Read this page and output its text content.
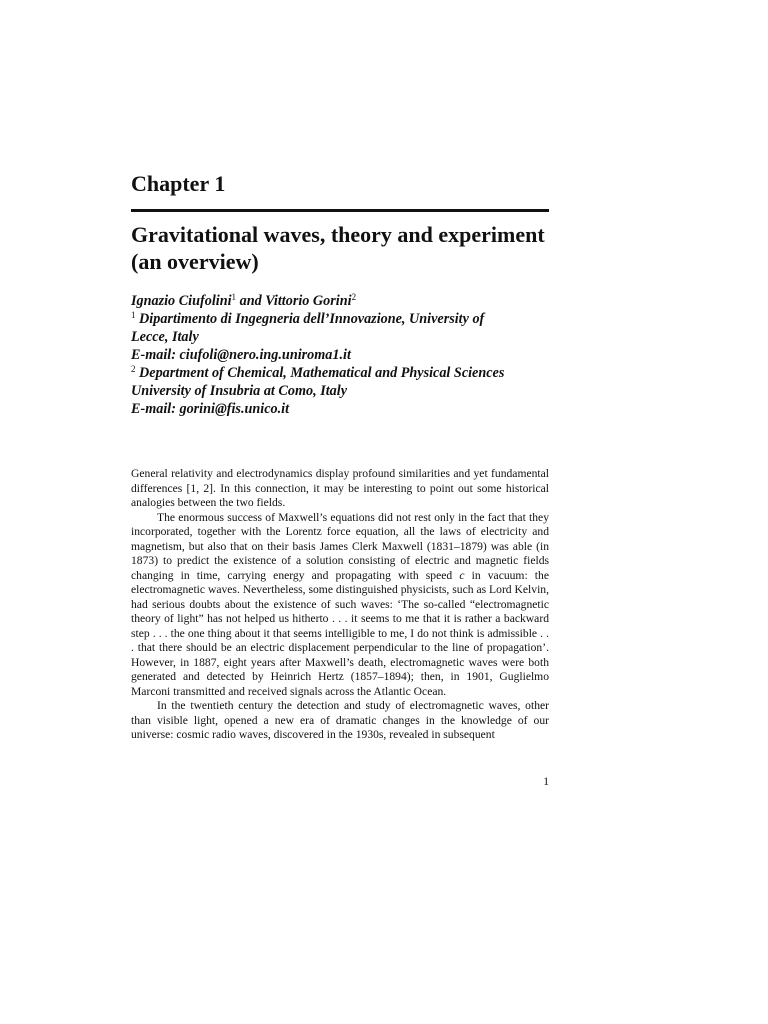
Chapter 1
Gravitational waves, theory and experiment
(an overview)
Ignazio Ciufolini$^1$ and Vittorio Gorini$^2$
$^1$ Dipartimento di Ingegneria dell’Innovazione, University of
Lecce, Italy
E-mail: ciufoli@nero.ing.uniroma1.it
$^2$ Department of Chemical, Mathematical and Physical Sciences
University of Insubria at Como, Italy
E-mail: gorini@fis.unico.it

General relativity and electrodynamics display profound similarities and yet fundamental differences [1, 2]. In this connection, it may be interesting to point out some historical analogies between the two fields.

The enormous success of Maxwell’s equations did not rest only in the fact that they incorporated, together with the Lorentz force equation, all the laws of electricity and magnetism, but also that on their basis James Clerk Maxwell (1831–1879) was able (in 1873) to predict the existence of a solution consisting of electric and magnetic fields changing in time, carrying energy and propagating with speed c in vacuum: the electromagnetic waves. Nevertheless, some distinguished physicists, such as Lord Kelvin, had serious doubts about the existence of such waves: ‘The so-called “electromagnetic theory of light” has not helped us hitherto . . . it seems to me that it is rather a backward step . . . the one thing about it that seems intelligible to me, I do not think is admissible . . . that there should be an electric displacement perpendicular to the line of propagation’. However, in 1887, eight years after Maxwell’s death, electromagnetic waves were both generated and detected by Heinrich Hertz (1857–1894); then, in 1901, Guglielmo Marconi transmitted and received signals across the Atlantic Ocean.

In the twentieth century the detection and study of electromagnetic waves, other than visible light, opened a new era of dramatic changes in the knowledge of our universe: cosmic radio waves, discovered in the 1930s, revealed in subsequent

1
